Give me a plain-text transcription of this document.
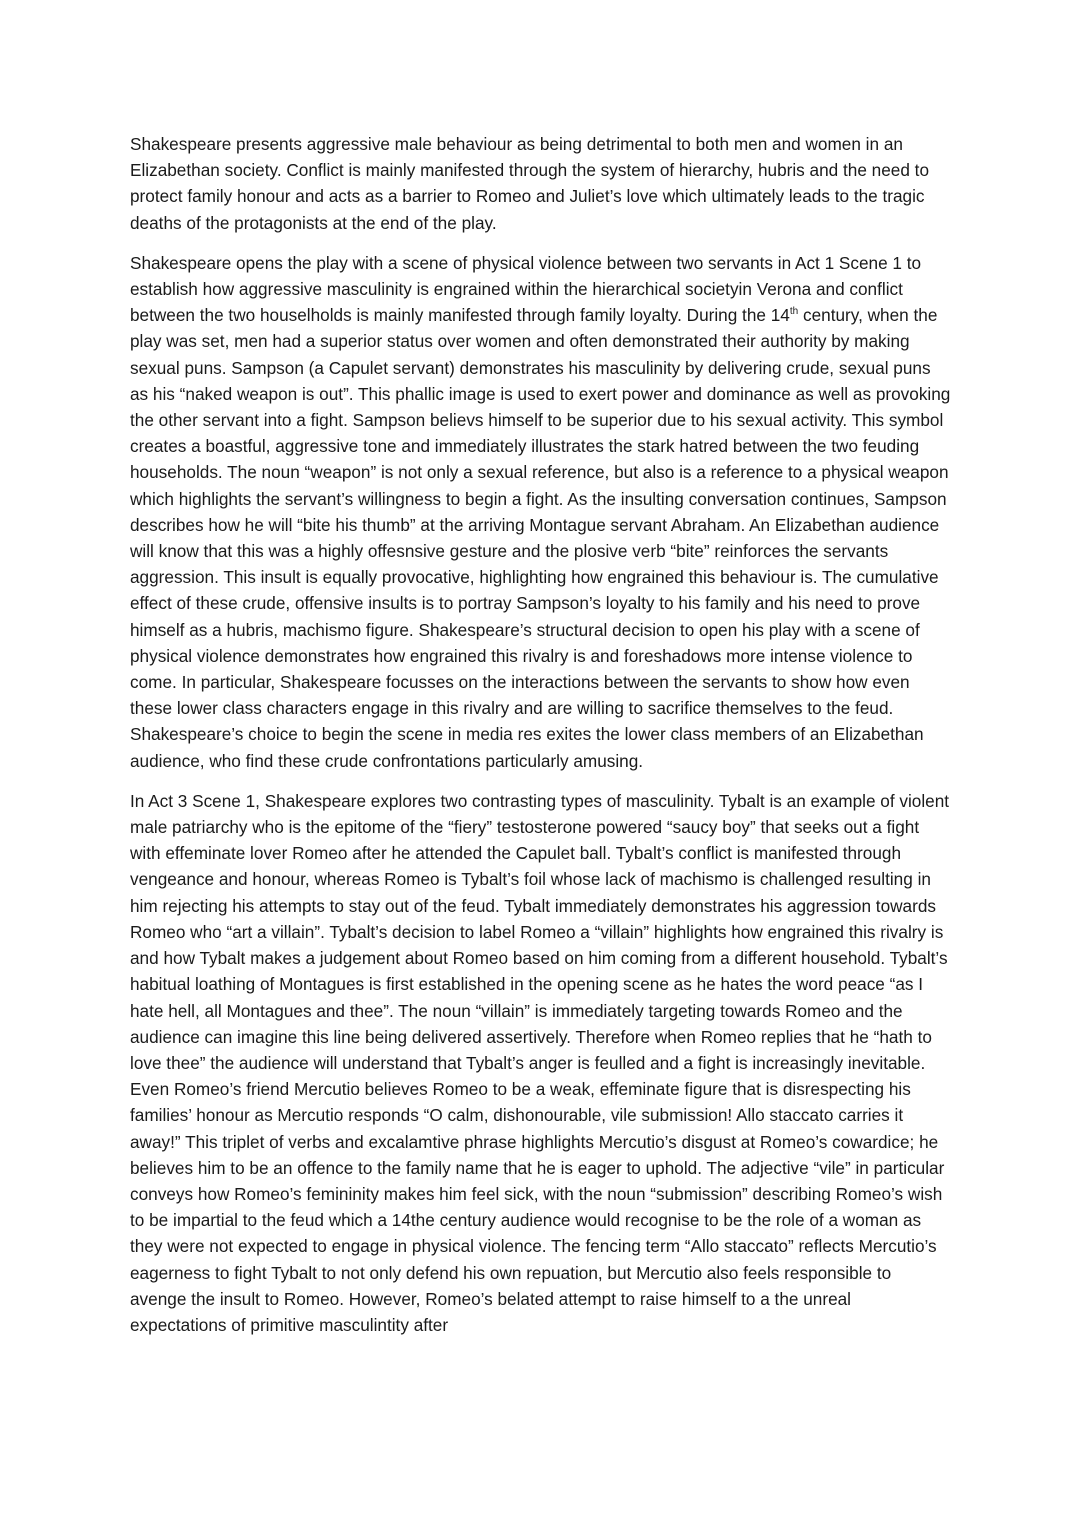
Shakespeare presents aggressive male behaviour as being detrimental to both men and women in an Elizabethan society. Conflict is mainly manifested through the system of hierarchy, hubris and the need to protect family honour and acts as a barrier to Romeo and Juliet’s love which ultimately leads to the tragic deaths of the protagonists at the end of the play.

Shakespeare opens the play with a scene of physical violence between two servants in Act 1 Scene 1 to establish how aggressive masculinity is engrained within the hierarchical societyin Verona and conflict between the two houselholds is mainly manifested through family loyalty. During the 14th century, when the play was set, men had a superior status over women and often demonstrated their authority by making sexual puns. Sampson (a Capulet servant) demonstrates his masculinity by delivering crude, sexual puns as his “naked weapon is out”. This phallic image is used to exert power and dominance as well as provoking the other servant into a fight. Sampson believs himself to be superior due to his sexual activity. This symbol creates a boastful, aggressive tone and immediately illustrates the stark hatred between the two feuding households. The noun “weapon” is not only a sexual reference, but also is a reference to a physical weapon which highlights the servant’s willingness to begin a fight. As the insulting conversation continues, Sampson describes how he will “bite his thumb” at the arriving Montague servant Abraham. An Elizabethan audience will know that this was a highly offesnsive gesture and the plosive verb “bite” reinforces the servants aggression. This insult is equally provocative, highlighting how engrained this behaviour is. The cumulative effect of these crude, offensive insults is to portray Sampson’s loyalty to his family and his need to prove himself as a hubris, machismo figure. Shakespeare’s structural decision to open his play with a scene of physical violence demonstrates how engrained this rivalry is and foreshadows more intense violence to come. In particular, Shakespeare focusses on the interactions between the servants to show how even these lower class characters engage in this rivalry and are willing to sacrifice themselves to the feud. Shakespeare’s choice to begin the scene in media res exites the lower class members of an Elizabethan audience, who find these crude confrontations particularly amusing.

In Act 3 Scene 1, Shakespeare explores two contrasting types of masculinity. Tybalt is an example of violent male patriarchy who is the epitome of the “fiery” testosterone powered “saucy boy” that seeks out a fight with effeminate lover Romeo after he attended the Capulet ball. Tybalt’s conflict is manifested through vengeance and honour, whereas Romeo is Tybalt’s foil whose lack of machismo is challenged resulting in him rejecting his attempts to stay out of the feud. Tybalt immediately demonstrates his aggression towards Romeo who “art a villain”. Tybalt’s decision to label Romeo a “villain” highlights how engrained this rivalry is and how Tybalt makes a judgement about Romeo based on him coming from a different household. Tybalt’s habitual loathing of Montagues is first established in the opening scene as he hates the word peace “as I hate hell, all Montagues and thee”. The noun “villain” is immediately targeting towards Romeo and the audience can imagine this line being delivered assertively. Therefore when Romeo replies that he “hath to love thee” the audience will understand that Tybalt’s anger is feulled and a fight is increasingly inevitable. Even Romeo’s friend Mercutio believes Romeo to be a weak, effeminate figure that is disrespecting his families’ honour as Mercutio responds “O calm, dishonourable, vile submission! Allo staccato carries it away!” This triplet of verbs and excalamtive phrase highlights Mercutio’s disgust at Romeo’s cowardice; he believes him to be an offence to the family name that he is eager to uphold. The adjective “vile” in particular conveys how Romeo’s femininity makes him feel sick, with the noun “submission” describing Romeo’s wish to be impartial to the feud which a 14the century audience would recognise to be the role of a woman as they were not expected to engage in physical violence. The fencing term “Allo staccato” reflects Mercutio’s eagerness to fight Tybalt to not only defend his own repuation, but Mercutio also feels responsible to avenge the insult to Romeo. However, Romeo’s belated attempt to raise himself to a the unreal expectations of primitive masculintity after
